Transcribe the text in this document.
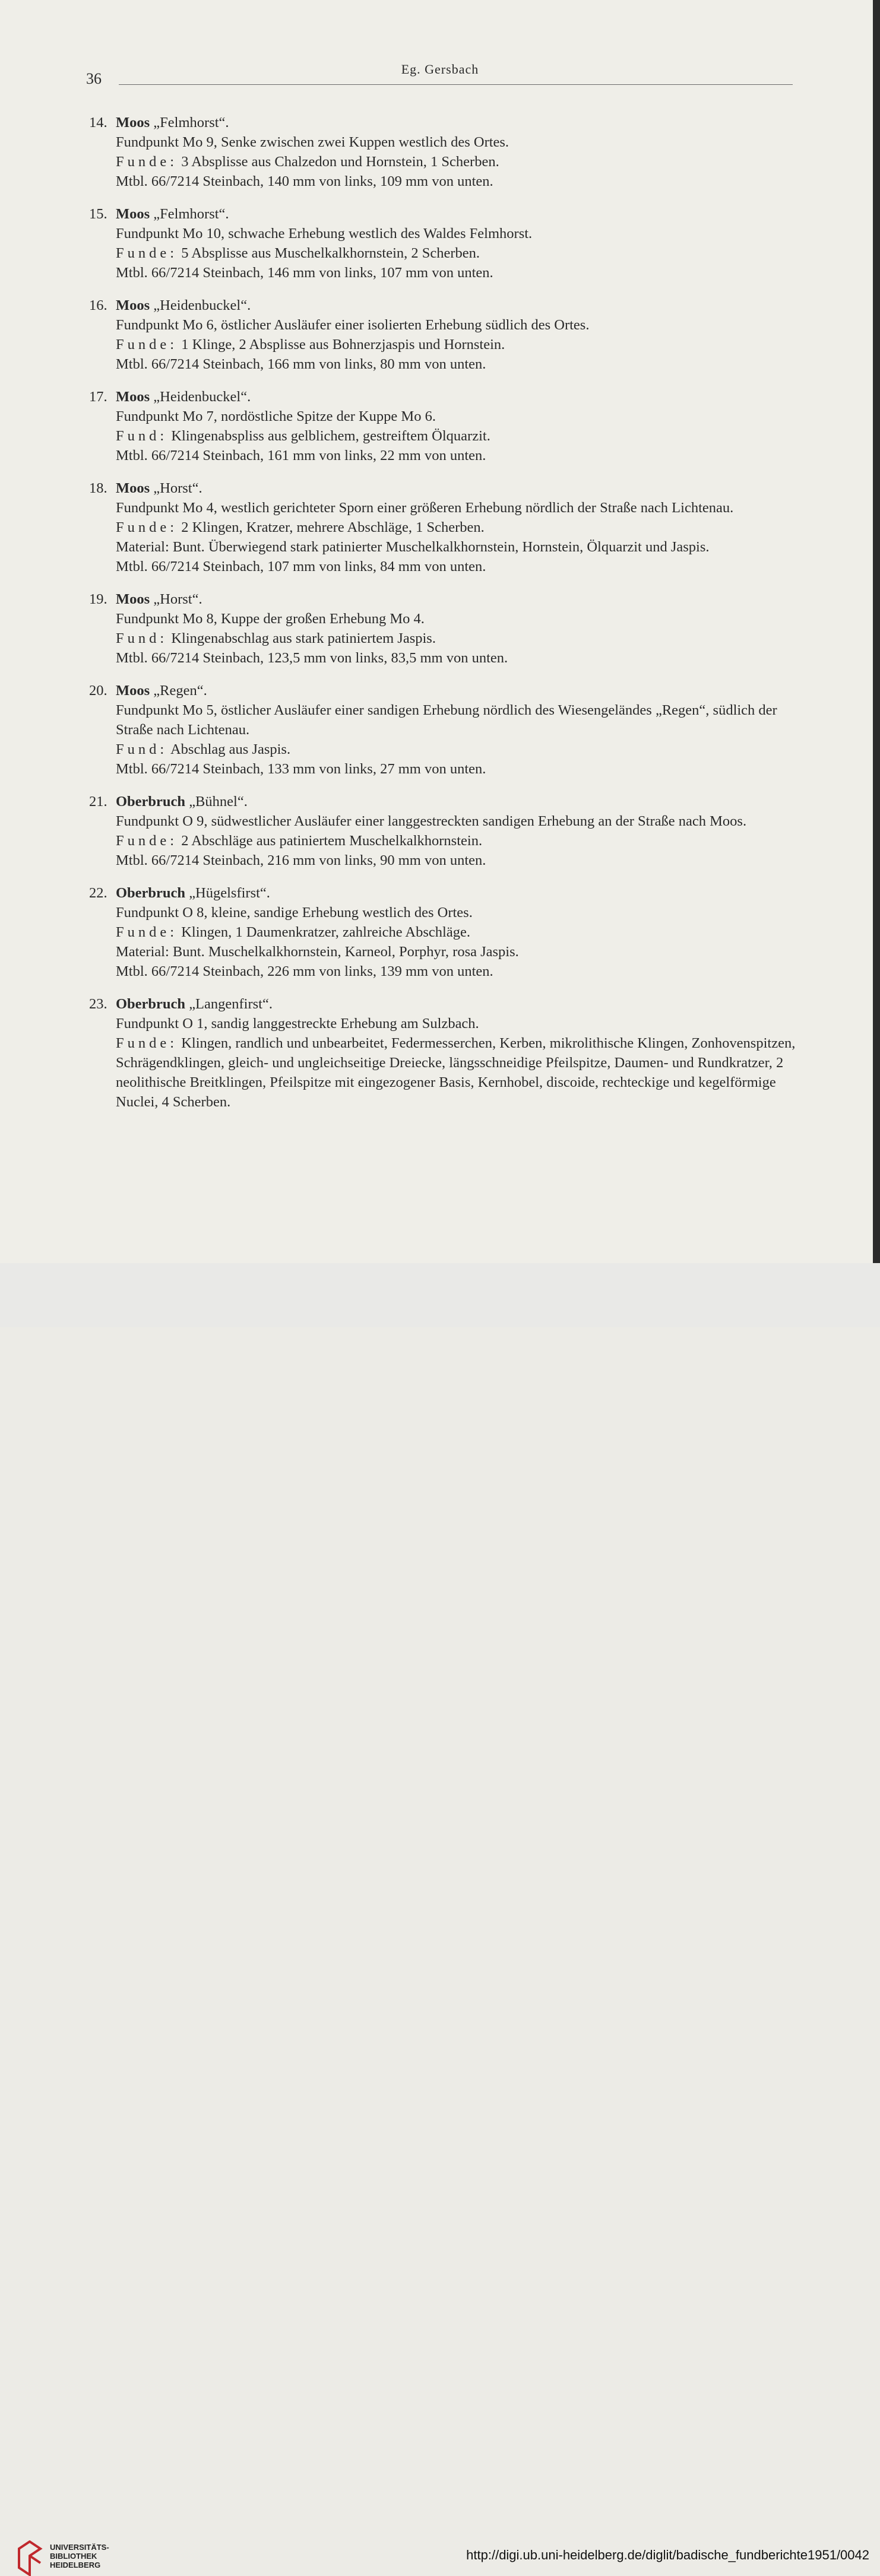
36
Eg. Gersbach
14. Moos „Felmhorst“.
Fundpunkt Mo 9, Senke zwischen zwei Kuppen westlich des Ortes.
Funde: 3 Absplisse aus Chalzedon und Hornstein, 1 Scherben.
Mtbl. 66/7214 Steinbach, 140 mm von links, 109 mm von unten.
15. Moos „Felmhorst“.
Fundpunkt Mo 10, schwache Erhebung westlich des Waldes Felmhorst.
Funde: 5 Absplisse aus Muschelkalkhornstein, 2 Scherben.
Mtbl. 66/7214 Steinbach, 146 mm von links, 107 mm von unten.
16. Moos „Heidenbuckel“.
Fundpunkt Mo 6, östlicher Ausläufer einer isolierten Erhebung südlich des Ortes.
Funde: 1 Klinge, 2 Absplisse aus Bohnerzjaspis und Hornstein.
Mtbl. 66/7214 Steinbach, 166 mm von links, 80 mm von unten.
17. Moos „Heidenbuckel“.
Fundpunkt Mo 7, nordöstliche Spitze der Kuppe Mo 6.
Fund: Klingenabspliss aus gelblichem, gestreiftem Ölquarzit.
Mtbl. 66/7214 Steinbach, 161 mm von links, 22 mm von unten.
18. Moos „Horst“.
Fundpunkt Mo 4, westlich gerichteter Sporn einer größeren Erhebung nördlich der Straße nach Lichtenau.
Funde: 2 Klingen, Kratzer, mehrere Abschläge, 1 Scherben.
Material: Bunt. Überwiegend stark patinierter Muschelkalkhornstein, Hornstein, Ölquarzit und Jaspis.
Mtbl. 66/7214 Steinbach, 107 mm von links, 84 mm von unten.
19. Moos „Horst“.
Fundpunkt Mo 8, Kuppe der großen Erhebung Mo 4.
Fund: Klingenabschlag aus stark patiniertem Jaspis.
Mtbl. 66/7214 Steinbach, 123,5 mm von links, 83,5 mm von unten.
20. Moos „Regen“.
Fundpunkt Mo 5, östlicher Ausläufer einer sandigen Erhebung nördlich des Wiesengeländes „Regen“, südlich der Straße nach Lichtenau.
Fund: Abschlag aus Jaspis.
Mtbl. 66/7214 Steinbach, 133 mm von links, 27 mm von unten.
21. Oberbruch „Bühnel“.
Fundpunkt O 9, südwestlicher Ausläufer einer langgestreckten sandigen Erhebung an der Straße nach Moos.
Funde: 2 Abschläge aus patiniertem Muschelkalkhornstein.
Mtbl. 66/7214 Steinbach, 216 mm von links, 90 mm von unten.
22. Oberbruch „Hügelsfirst“.
Fundpunkt O 8, kleine, sandige Erhebung westlich des Ortes.
Funde: Klingen, 1 Daumenkratzer, zahlreiche Abschläge.
Material: Bunt. Muschelkalkhornstein, Karneol, Porphyr, rosa Jaspis.
Mtbl. 66/7214 Steinbach, 226 mm von links, 139 mm von unten.
23. Oberbruch „Langenfirst“.
Fundpunkt O 1, sandig langgestreckte Erhebung am Sulzbach.
Funde: Klingen, randlich und unbearbeitet, Federmesserchen, Kerben, mikrolithische Klingen, Zonhovenspitzen, Schrägendklingen, gleich- und ungleichseitige Dreiecke, längsschneidige Pfeilspitze, Daumen- und Rundkratzer, 2 neolithische Breitklingen, Pfeilspitze mit eingezogener Basis, Kernhobel, discoide, rechteckige und kegelförmige Nuclei, 4 Scherben.
UNIVERSITÄTS-
BIBLIOTHEK
HEIDELBERG
http://digi.ub.uni-heidelberg.de/diglit/badische_fundberichte1951/0042
